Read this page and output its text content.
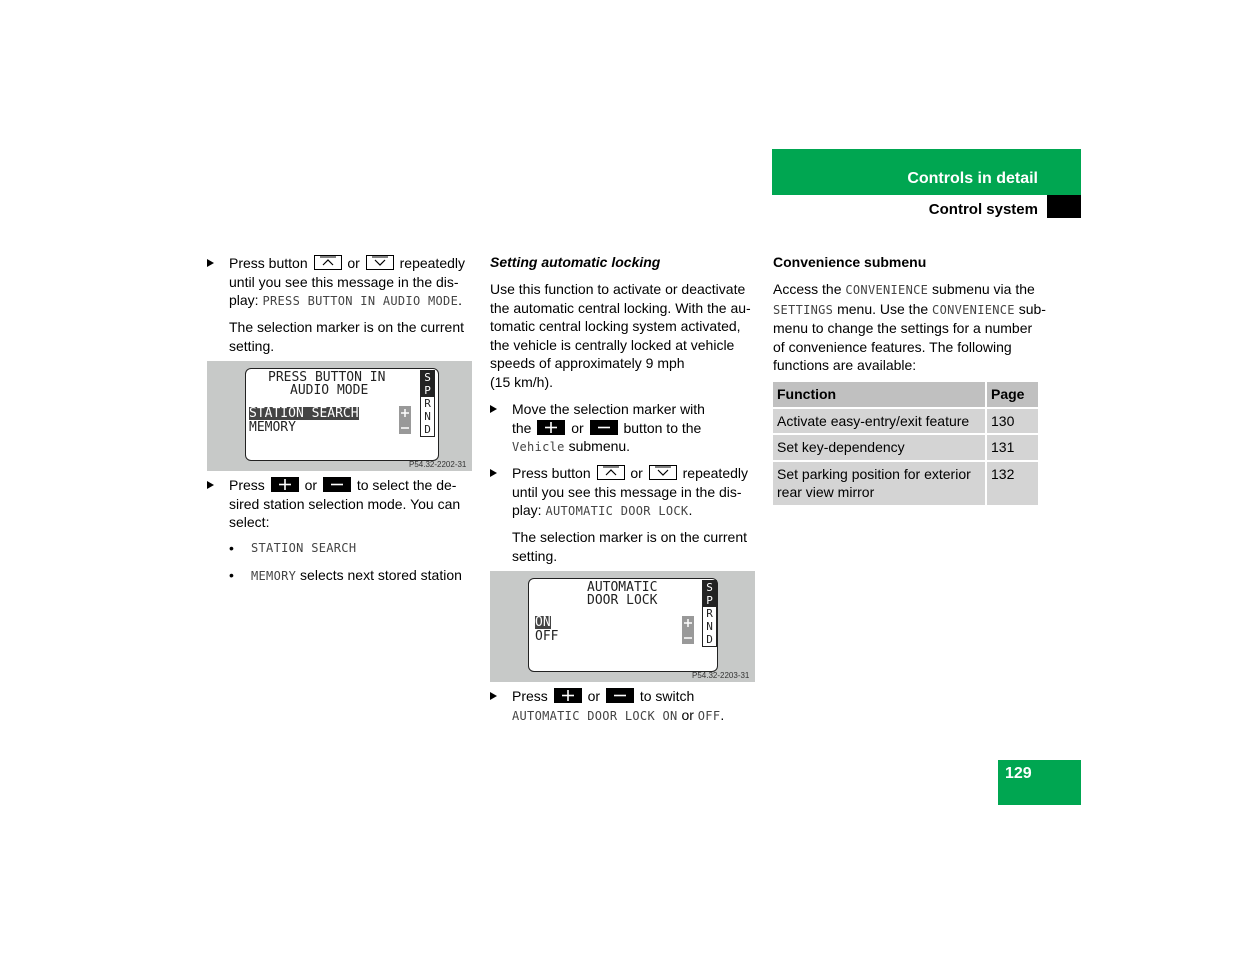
Controls in detail
Control system
Press button	or	repeatedly
until you see this message in the dis-
play: PRESS BUTTON IN AUDIO MODE.
The selection marker is on the current
setting.
PRESS BUTTON IN
AUDIO MODE
STATION SEARCH
MEMORY
S
P
R
N
D
P54.32-2202-31
Press	or	to select the de-
sired station selection mode. You can
select:
• STATION SEARCH
• MEMORY selects next stored station
Setting automatic locking
Use this function to activate or deactivate
the automatic central locking. With the au-
tomatic central locking system activated,
the vehicle is centrally locked at vehicle
speeds of approximately 9 mph
(15 km/h).
Move the selection marker with
the	or	button to the
Vehicle submenu.
Press button	or	repeatedly
until you see this message in the dis-
play: AUTOMATIC DOOR LOCK.
The selection marker is on the current
setting.
AUTOMATIC
DOOR LOCK
ON
OFF
S
P
R
N
D
P54.32-2203-31
Press	or	to switch
AUTOMATIC DOOR LOCK ON or OFF.
Convenience submenu
Access the CONVENIENCE submenu via the
SETTINGS menu. Use the CONVENIENCE sub-
menu to change the settings for a number
of convenience features. The following
functions are available:
Function	Page
Activate easy-entry/exit feature	130
Set key-dependency	131
Set parking position for exterior rear view mirror	132
129
